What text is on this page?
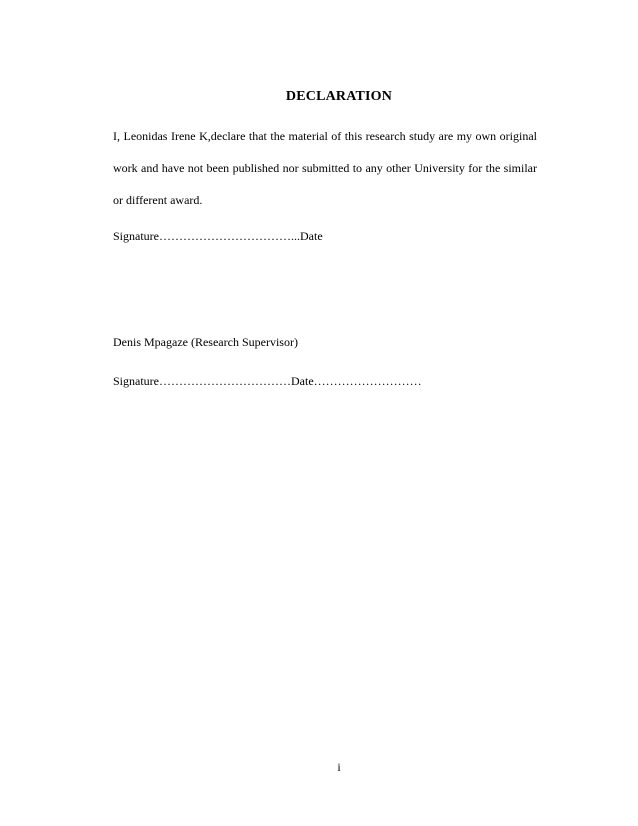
DECLARATION
I, Leonidas Irene K,declare that the material of this research study are my own original work and have not been published nor submitted to any other University for the similar or different award.
Signature……………………………...Date
Denis Mpagaze (Research Supervisor)
Signature……………………………Date………………………
i
